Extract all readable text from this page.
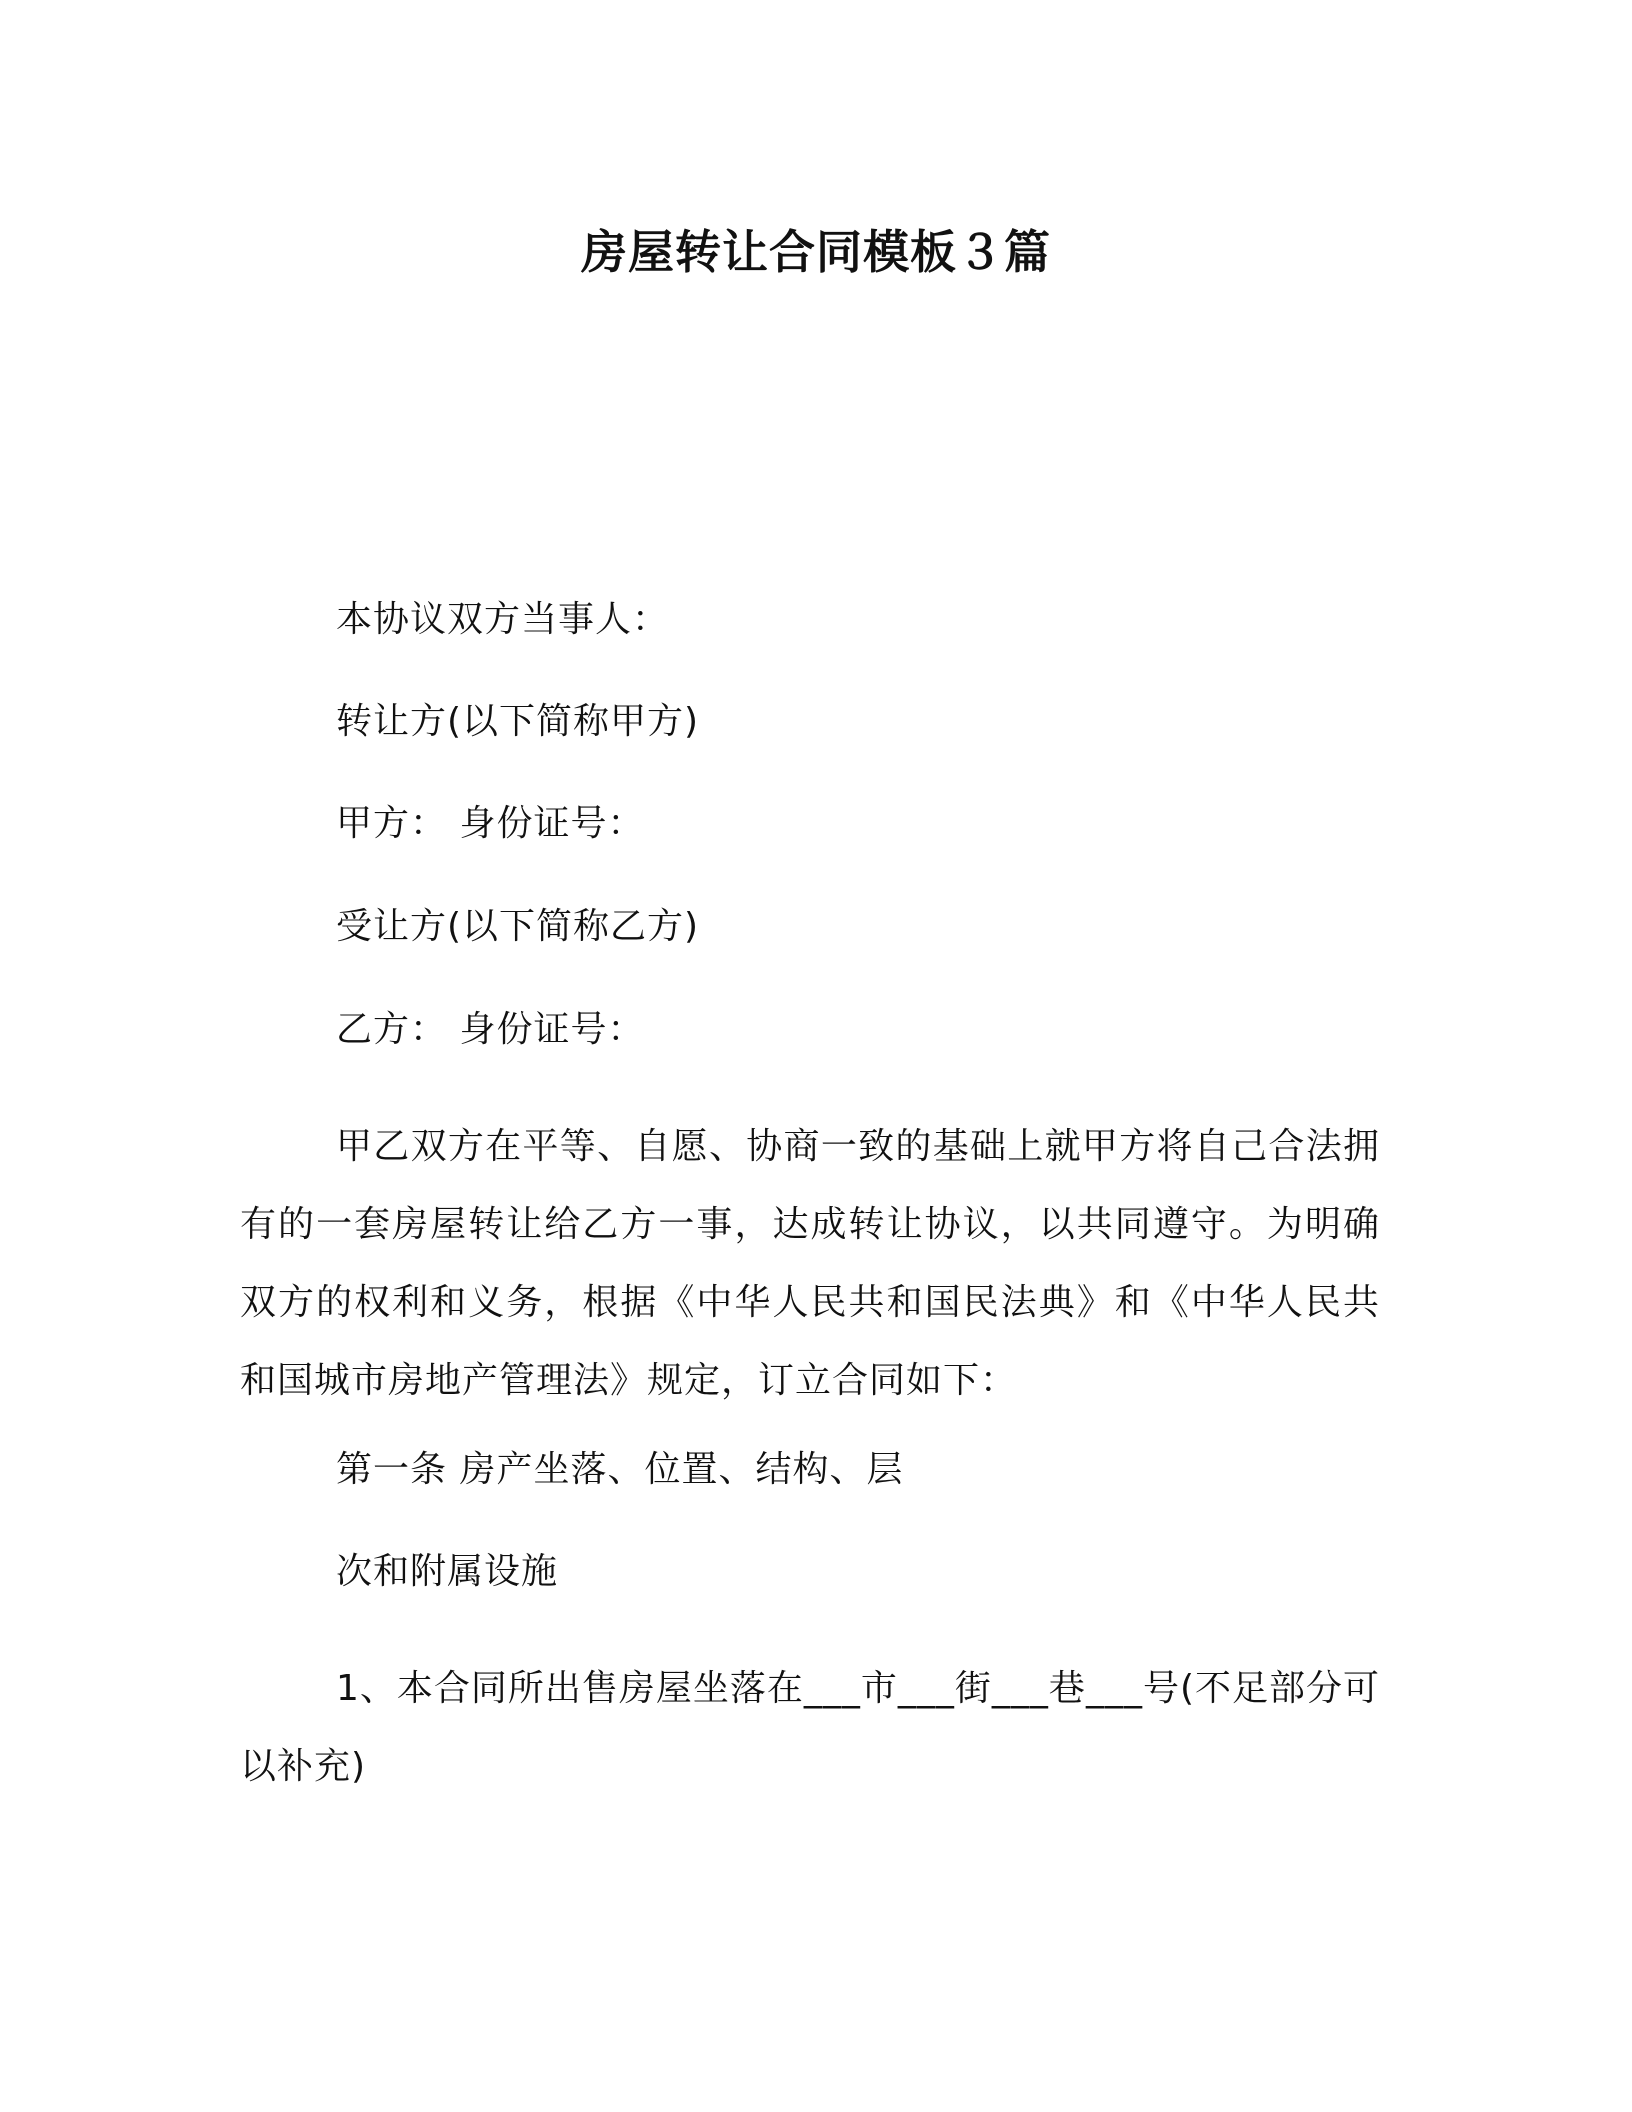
房屋转让合同模板３篇
本协议双方当事人：
转让方(以下简称甲方)
甲方： 身份证号：
受让方(以下简称乙方)
乙方： 身份证号：
甲乙双方在平等、自愿、协商一致的基础上就甲方将自己合法拥有的一套房屋转让给乙方一事，达成转让协议，以共同遵守。为明确双方的权利和义务，根据《中华人民共和国民法典》和《中华人民共和国城市房地产管理法》规定，订立合同如下：
第一条 房产坐落、位置、结构、层
次和附属设施
1、本合同所出售房屋坐落在___市___街___巷___号(不足部分可以补充)
